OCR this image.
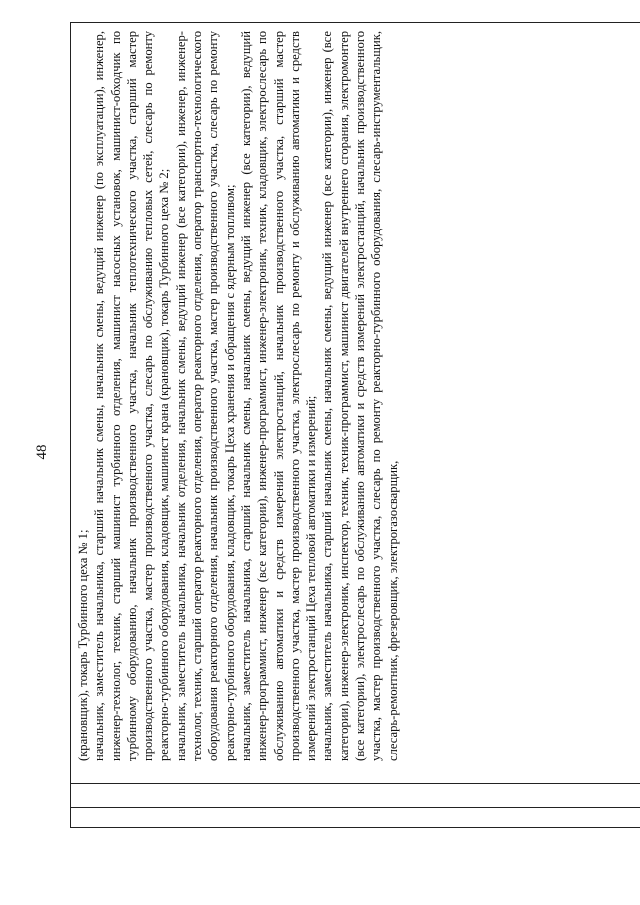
48

(крановщик), токарь Турбинного цеха № 1; начальник, заместитель начальника, старший начальник смены, начальник смены, ведущий инженер (по эксплуатации), инженер, инженер-технолог, техник, старший машинист турбинного отделения, машинист насосных установок, машинист-обходчик по турбинному оборудованию, начальник производственного участка, начальник теплотехнического участка, старший мастер производственного участка, мастер производственного участка, слесарь по обслуживанию тепловых сетей, слесарь по ремонту реакторно-турбинного оборудования, кладовщик, машинист крана (крановщик), токарь Турбинного цеха № 2; начальник, заместитель начальника, начальник отделения, начальник смены, ведущий инженер (все категории), инженер, инженер-технолог, техник, старший оператор реакторного отделения, оператор реакторного отделения, оператор транспортно-технологического оборудования реакторного отделения, начальник производственного участка, мастер производственного участка, слесарь по ремонту реакторно-турбинного оборудования, кладовщик, токарь Цеха хранения и обращения с ядерным топливом; начальник, заместитель начальника, старший начальник смены, начальник смены, ведущий инженер (все категории), ведущий инженер-программист, инженер (все категории), инженер-программист, инженер-электроник, техник, кладовщик, электрослесарь по обслуживанию автоматики и средств измерений электростанций, начальник производственного участка, старший мастер производственного участка, мастер производственного участка, электрослесарь по ремонту и обслуживанию автоматики и средств измерений электростанций Цеха тепловой автоматики и измерений; начальник, заместитель начальника, старший начальник смены, начальник смены, ведущий инженер (все категории), инженер (все категории), инженер-электроник, инспектор, техник, техник-программист, машинист двигателей внутреннего сгорания, электромонтер (все категории), электрослесарь по обслуживанию автоматики и средств измерений электростанций, начальник производственного участка, мастер производственного участка, слесарь по ремонту реакторно-турбинного оборудования, слесарь-инструментальщик, слесарь-ремонтник, фрезеровщик, электрогазосварщик,
